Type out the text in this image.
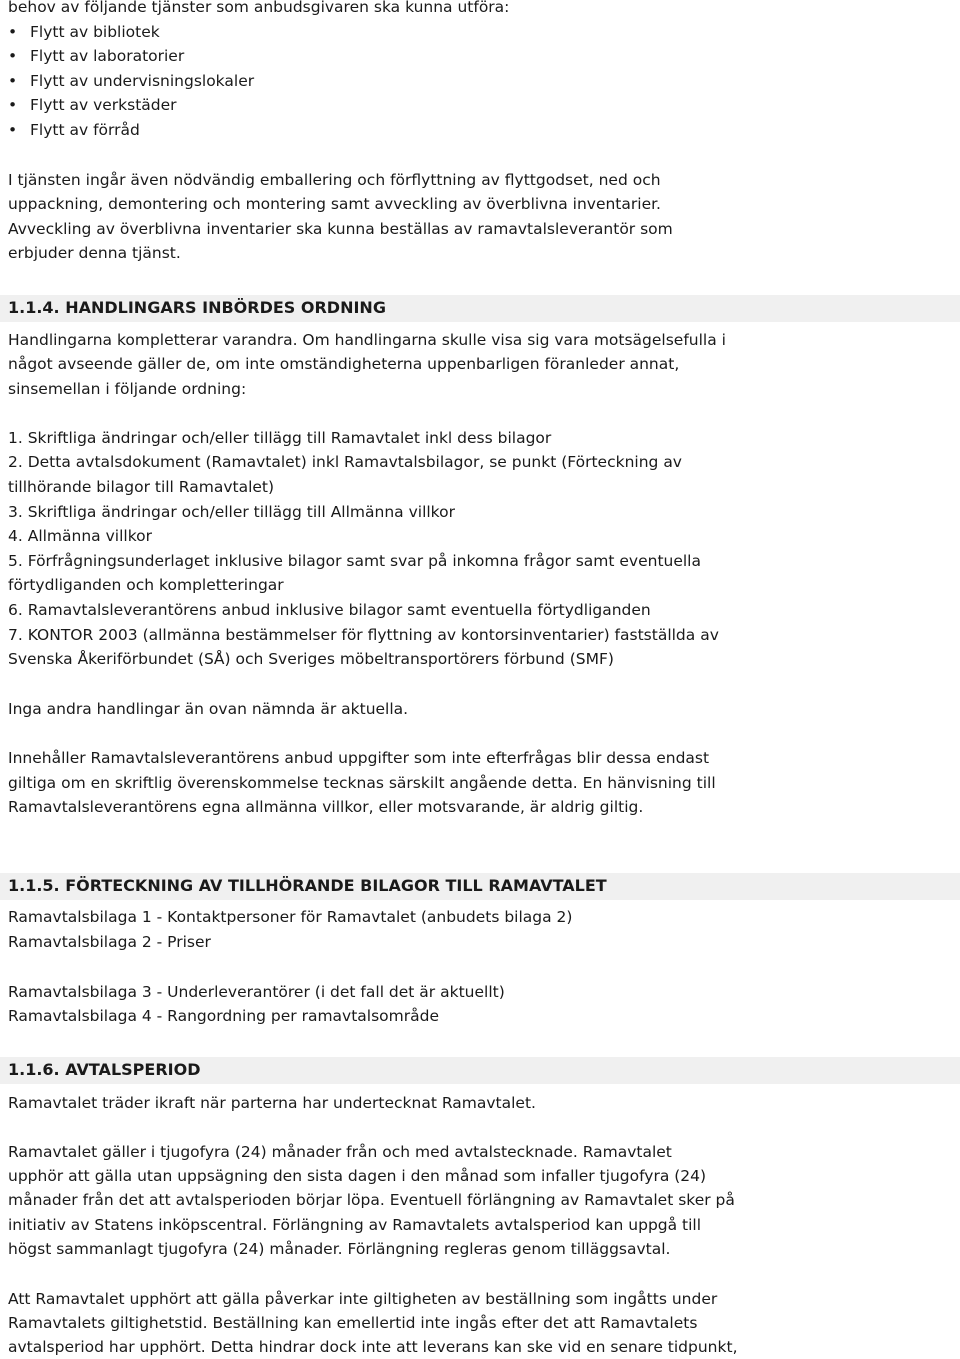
behov av följande tjänster som anbudsgivaren ska kunna utföra:
• Flytt av bibliotek
• Flytt av laboratorier
• Flytt av undervisningslokaler
• Flytt av verkstäder
• Flytt av förråd
I tjänsten ingår även nödvändig emballering och förflyttning av flyttgodset, ned och
uppackning, demontering och montering samt avveckling av överblivna inventarier.
Avveckling av överblivna inventarier ska kunna beställas av ramavtalsleverantör som
erbjuder denna tjänst.
1.1.4. HANDLINGARS INBÖRDES ORDNING
Handlingarna kompletterar varandra. Om handlingarna skulle visa sig vara motsägelsefulla i
något avseende gäller de, om inte omständigheterna uppenbarligen föranleder annat,
sinsemellan i följande ordning:
1. Skriftliga ändringar och/eller tillägg till Ramavtalet inkl dess bilagor
2. Detta avtalsdokument (Ramavtalet) inkl Ramavtalsbilagor, se punkt (Förteckning av
tillhörande bilagor till Ramavtalet)
3. Skriftliga ändringar och/eller tillägg till Allmänna villkor
4. Allmänna villkor
5. Förfrågningsunderlaget inklusive bilagor samt svar på inkomna frågor samt eventuella
förtydliganden och kompletteringar
6. Ramavtalsleverantörens anbud inklusive bilagor samt eventuella förtydliganden
7. KONTOR 2003 (allmänna bestämmelser för flyttning av kontorsinventarier) fastställda av
Svenska Åkeriförbundet (SÅ) och Sveriges möbeltransportörers förbund (SMF)
Inga andra handlingar än ovan nämnda är aktuella.
Innehåller Ramavtalsleverantörens anbud uppgifter som inte efterfrågas blir dessa endast
giltiga om en skriftlig överenskommelse tecknas särskilt angående detta. En hänvisning till
Ramavtalsleverantörens egna allmänna villkor, eller motsvarande, är aldrig giltig.
1.1.5. FÖRTECKNING AV TILLHÖRANDE BILAGOR TILL RAMAVTALET
Ramavtalsbilaga 1 - Kontaktpersoner för Ramavtalet (anbudets bilaga 2)
Ramavtalsbilaga 2 - Priser
Ramavtalsbilaga 3 - Underleverantörer (i det fall det är aktuellt)
Ramavtalsbilaga 4 - Rangordning per ramavtalsområde
1.1.6. AVTALSPERIOD
Ramavtalet träder ikraft när parterna har undertecknat Ramavtalet.
Ramavtalet gäller i tjugofyra (24) månader från och med avtalstecknade. Ramavtalet
upphör att gälla utan uppsägning den sista dagen i den månad som infaller tjugofyra (24)
månader från det att avtalsperioden börjar löpa. Eventuell förlängning av Ramavtalet sker på
initiativ av Statens inköpscentral. Förlängning av Ramavtalets avtalsperiod kan uppgå till
högst sammanlagt tjugofyra (24) månader. Förlängning regleras genom tilläggsavtal.
Att Ramavtalet upphört att gälla påverkar inte giltigheten av beställning som ingåtts under
Ramavtalets giltighetstid. Beställning kan emellertid inte ingås efter det att Ramavtalets
avtalsperiod har upphört. Detta hindrar dock inte att leverans kan ske vid en senare tidpunkt,
